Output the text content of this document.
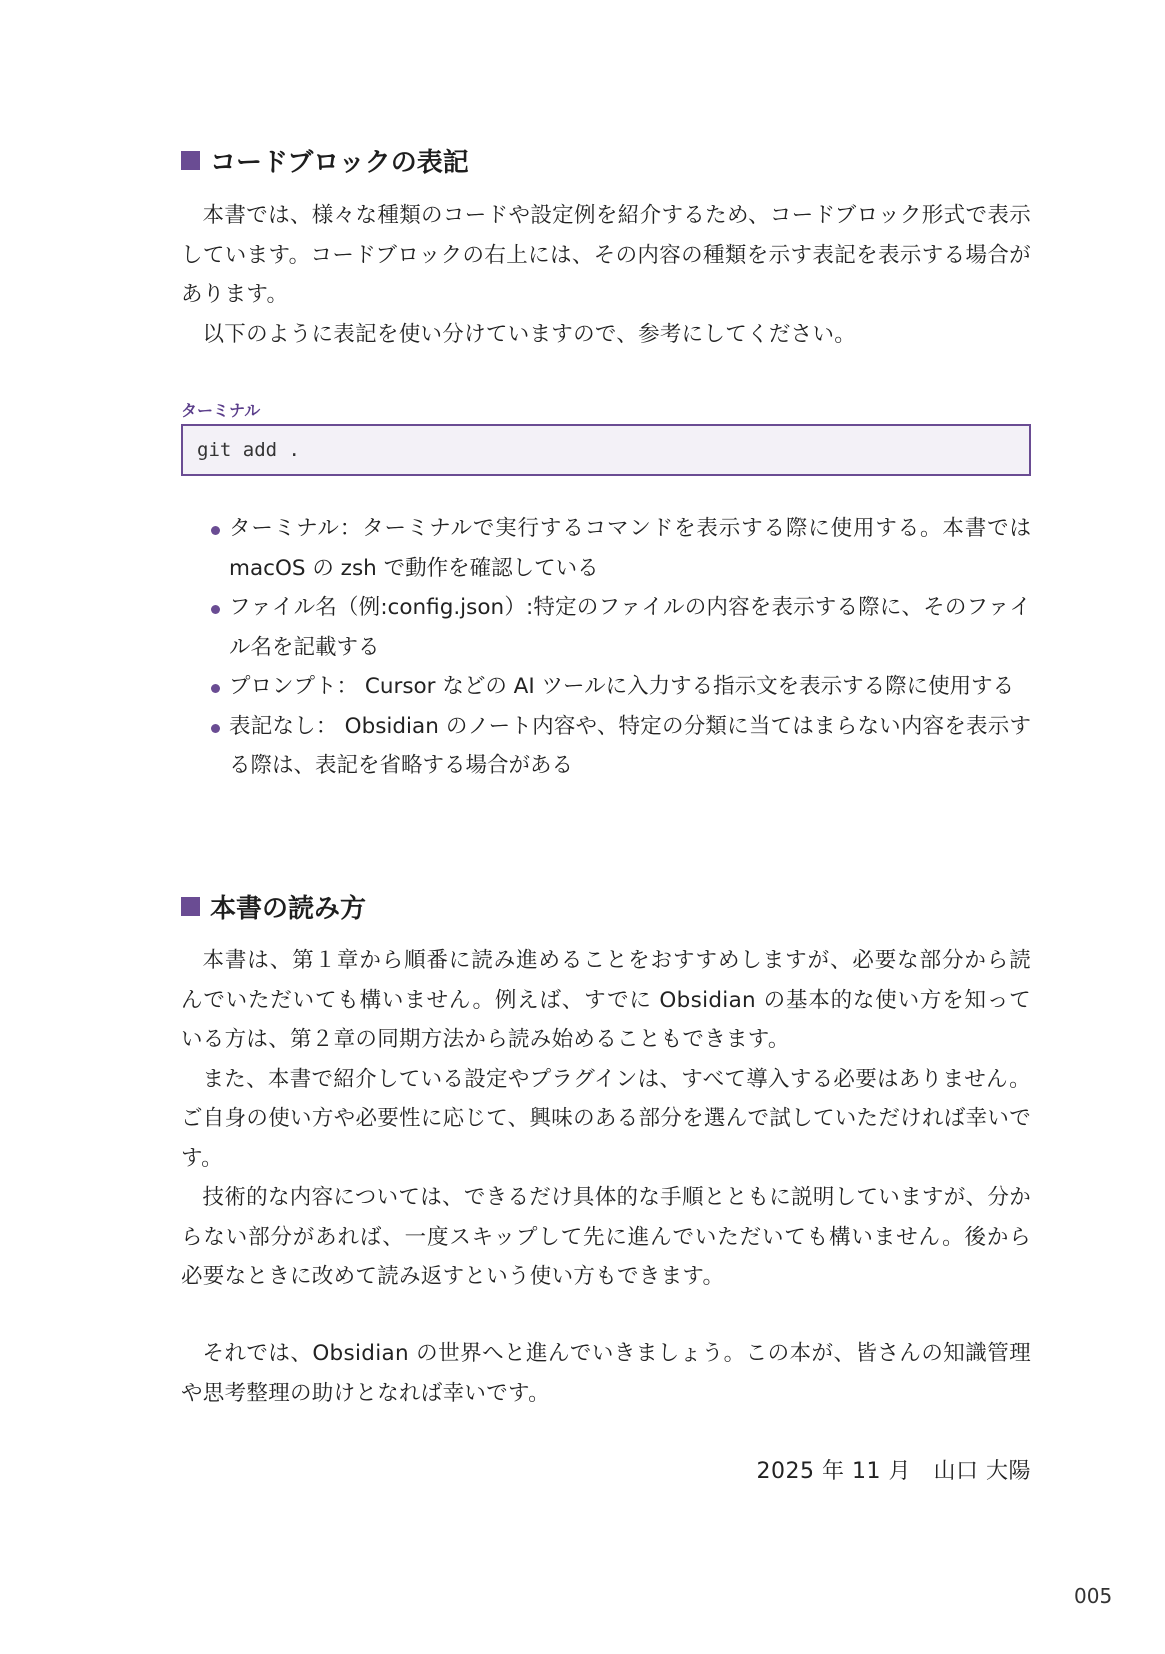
コードブロックの表記

本書では、様々な種類のコードや設定例を紹介するため、コードブロック形式で表示しています。コードブロックの右上には、その内容の種類を示す表記を表示する場合があります。

以下のように表記を使い分けていますので、参考にしてください。

ターミナル
git add .
ターミナル：ターミナルで実行するコマンドを表示する際に使用する。本書では macOS の zsh で動作を確認している
ファイル名（例:config.json）:特定のファイルの内容を表示する際に、そのファイル名を記載する
プロンプト： Cursor などの AI ツールに入力する指示文を表示する際に使用する
表記なし： Obsidian のノート内容や、特定の分類に当てはまらない内容を表示する際は、表記を省略する場合がある
本書の読み方

本書は、第１章から順番に読み進めることをおすすめしますが、必要な部分から読んでいただいても構いません。例えば、すでに Obsidian の基本的な使い方を知っている方は、第２章の同期方法から読み始めることもできます。

また、本書で紹介している設定やプラグインは、すべて導入する必要はありません。ご自身の使い方や必要性に応じて、興味のある部分を選んで試していただければ幸いです。

技術的な内容については、できるだけ具体的な手順とともに説明していますが、分からない部分があれば、一度スキップして先に進んでいただいても構いません。後から必要なときに改めて読み返すという使い方もできます。

それでは、Obsidian の世界へと進んでいきましょう。この本が、皆さんの知識管理や思考整理の助けとなれば幸いです。

2025 年 11 月　山口 大陽
005
